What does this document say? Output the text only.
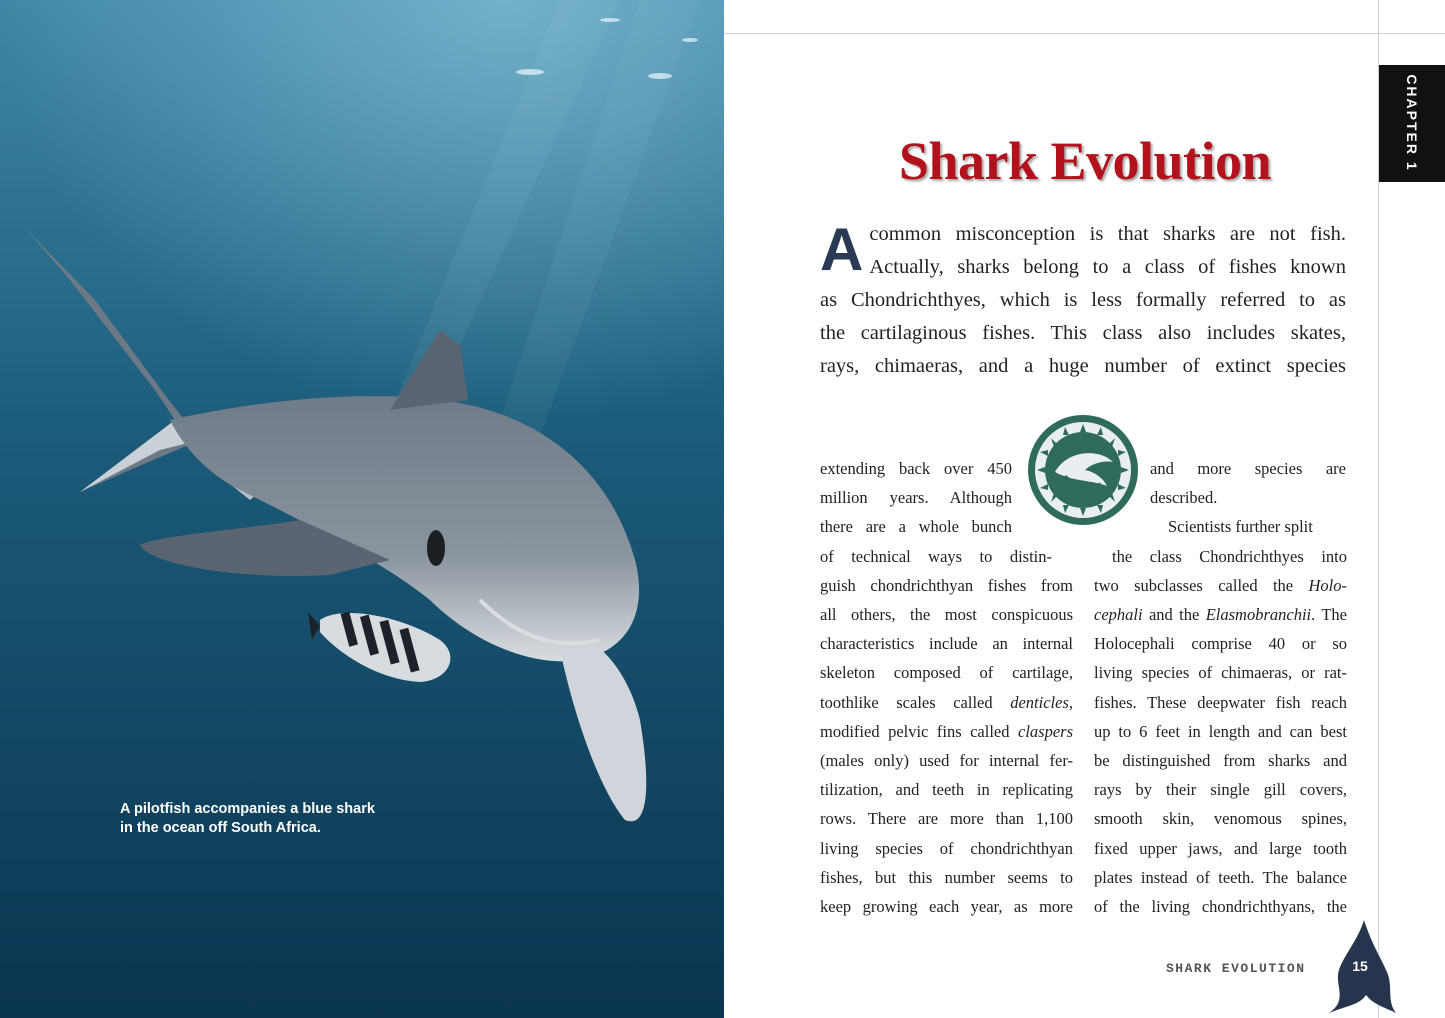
A pilotfish accompanies a blue shark
in the ocean off South Africa.
CHAPTER 1
Shark Evolution

A common misconception is that sharks are not fish.
Actually, sharks belong to a class of fishes known
as Chondrichthyes, which is less formally referred to as
the cartilaginous fishes. This class also includes skates,
rays, chimaeras, and a huge number of extinct species

extending back over 450
million years. Although
there are a whole bunch
of technical ways to distin-
guish chondrichthyan fishes from
all others, the most conspicuous
characteristics include an internal
skeleton composed of cartilage,
toothlike scales called denticles,
modified pelvic fins called claspers
(males only) used for internal fer-
tilization, and teeth in replicating
rows. There are more than 1,100
living species of chondrichthyan
fishes, but this number seems to
keep growing each year, as more
and more species are
described.
Scientists further split
the class Chondrichthyes into
two subclasses called the Holo-
cephali and the Elasmobranchii. The
Holocephali comprise 40 or so
living species of chimaeras, or rat-
fishes. These deepwater fish reach
up to 6 feet in length and can best
be distinguished from sharks and
rays by their single gill covers,
smooth skin, venomous spines,
fixed upper jaws, and large tooth
plates instead of teeth. The balance
of the living chondrichthyans, the
SHARK EVOLUTION	15
